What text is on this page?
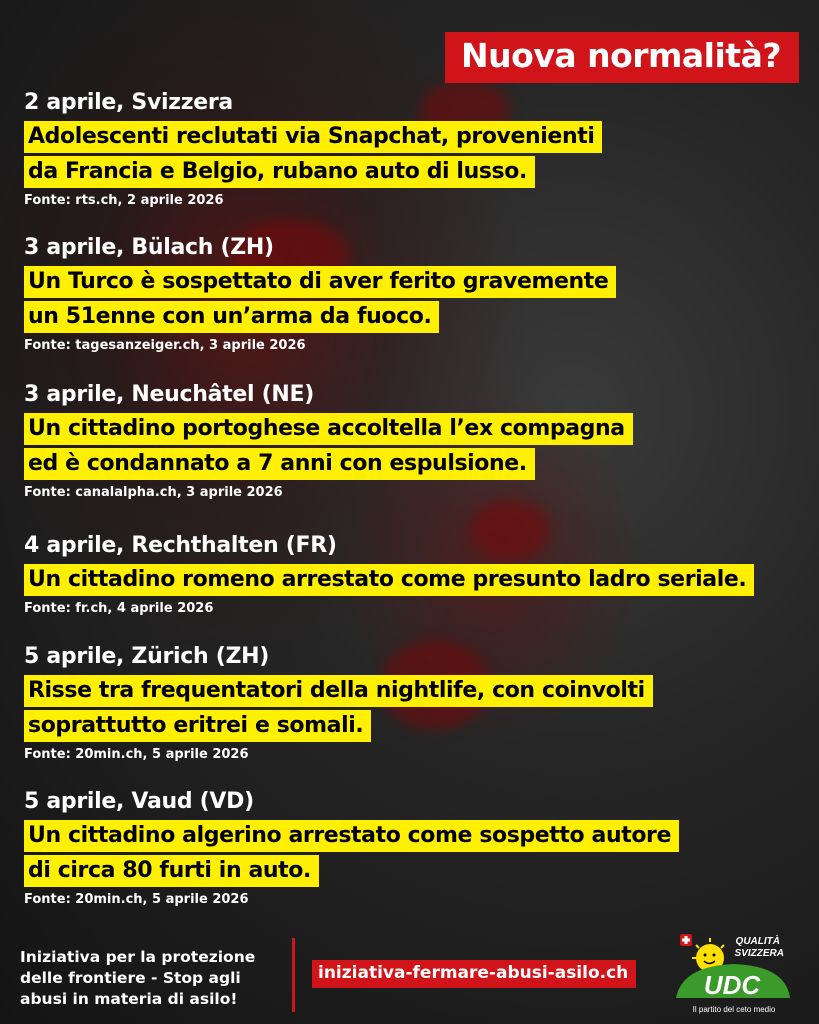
Nuova normalità?
2 aprile, Svizzera
Adolescenti reclutati via Snapchat, provenienti
da Francia e Belgio, rubano auto di lusso.
Fonte: rts.ch, 2 aprile 2026
3 aprile, Bülach (ZH)
Un Turco è sospettato di aver ferito gravemente
un 51enne con un’arma da fuoco.
Fonte: tagesanzeiger.ch, 3 aprile 2026
3 aprile, Neuchâtel (NE)
Un cittadino portoghese accoltella l’ex compagna
ed è condannato a 7 anni con espulsione.
Fonte: canalalpha.ch, 3 aprile 2026
4 aprile, Rechthalten (FR)
Un cittadino romeno arrestato come presunto ladro seriale.
Fonte: fr.ch, 4 aprile 2026
5 aprile, Zürich (ZH)
Risse tra frequentatori della nightlife, con coinvolti
soprattutto eritrei e somali.
Fonte: 20min.ch, 5 aprile 2026
5 aprile, Vaud (VD)
Un cittadino algerino arrestato come sospetto autore
di circa 80 furti in auto.
Fonte: 20min.ch, 5 aprile 2026
Iniziativa per la protezione delle frontiere - Stop agli abusi in materia di asilo!
iniziativa-fermare-abusi-asilo.ch
QUALITÀ
SVIZZERA
UDC
Il partito del ceto medio
